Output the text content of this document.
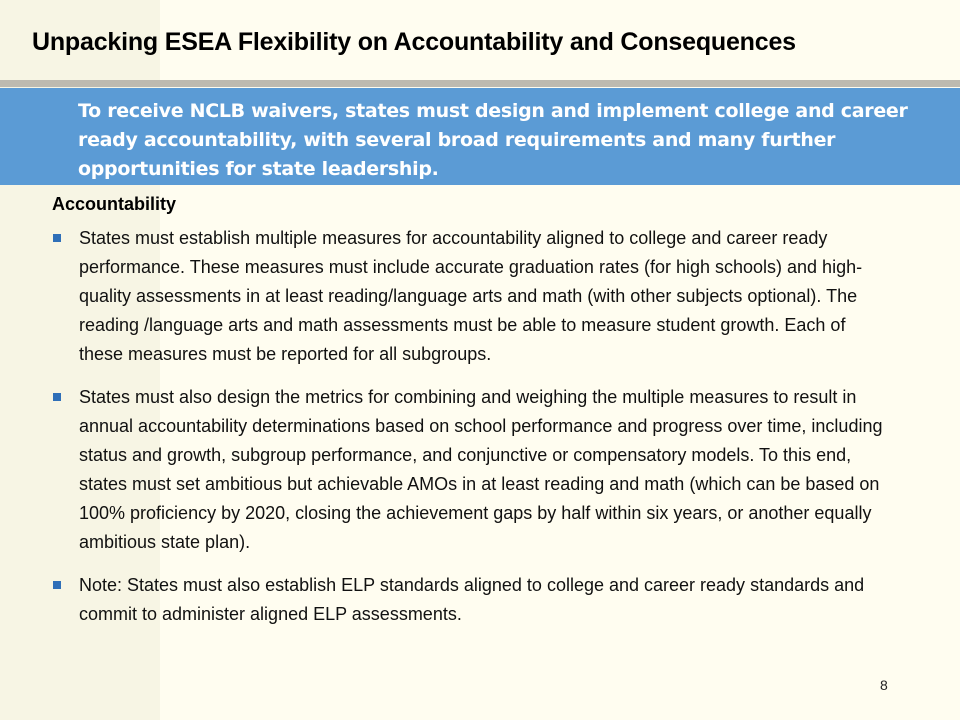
Unpacking ESEA Flexibility on Accountability and Consequences

To receive NCLB waivers, states must design and implement college and career ready accountability, with several broad requirements and many further opportunities for state leadership.

Accountability

States must establish multiple measures for accountability aligned to college and career ready performance. These measures must include accurate graduation rates (for high schools) and high-quality assessments in at least reading/language arts and math (with other subjects optional). The reading /language arts and math assessments must be able to measure student growth. Each of these measures must be reported for all subgroups.
States must also design the metrics for combining and weighing the multiple measures to result in annual accountability determinations based on school performance and progress over time, including status and growth, subgroup performance, and conjunctive or compensatory models. To this end, states must set ambitious but achievable AMOs in at least reading and math (which can be based on 100% proficiency by 2020, closing the achievement gaps by half within six years, or another equally ambitious state plan).
Note: States must also establish ELP standards aligned to college and career ready standards and commit to administer aligned ELP assessments.
8
